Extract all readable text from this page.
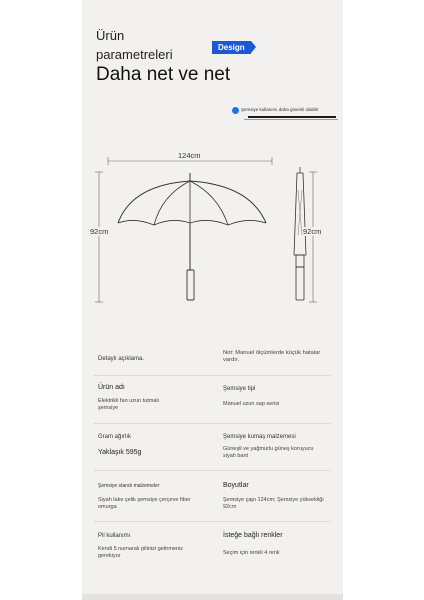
Ürün
parametreleri
Daha net ve net
Design
Şemsiye kullanımı daha güvenli olabilir
124cm
92cm	92cm
Detaylı açıklama.
Not: Manuel ölçümlerde küçük hatalar vardır.
Ürün adı
Elektrikli fan uzun tutmalı şemsiye
Şemsiye tipi
Manuel uzun sap serisi
Gram ağırlık
Yaklaşık 595g
Şemsiye kumaş malzemesi
Güneşli ve yağmurlu güneş koruyucu siyah bant
Şemsiye standı malzemeler
Siyah lake çelik şemsiye çerçeve fiber omurga
Boyutlar
Şemsiye çapı 124cm; Şemsiye yüksekliği 92cm
Pil kullanımı
Kendi 5 numaralı pilinizi getirmeniz gerekiyor
İsteğe bağlı renkler
Seçim için renkli 4 renk
